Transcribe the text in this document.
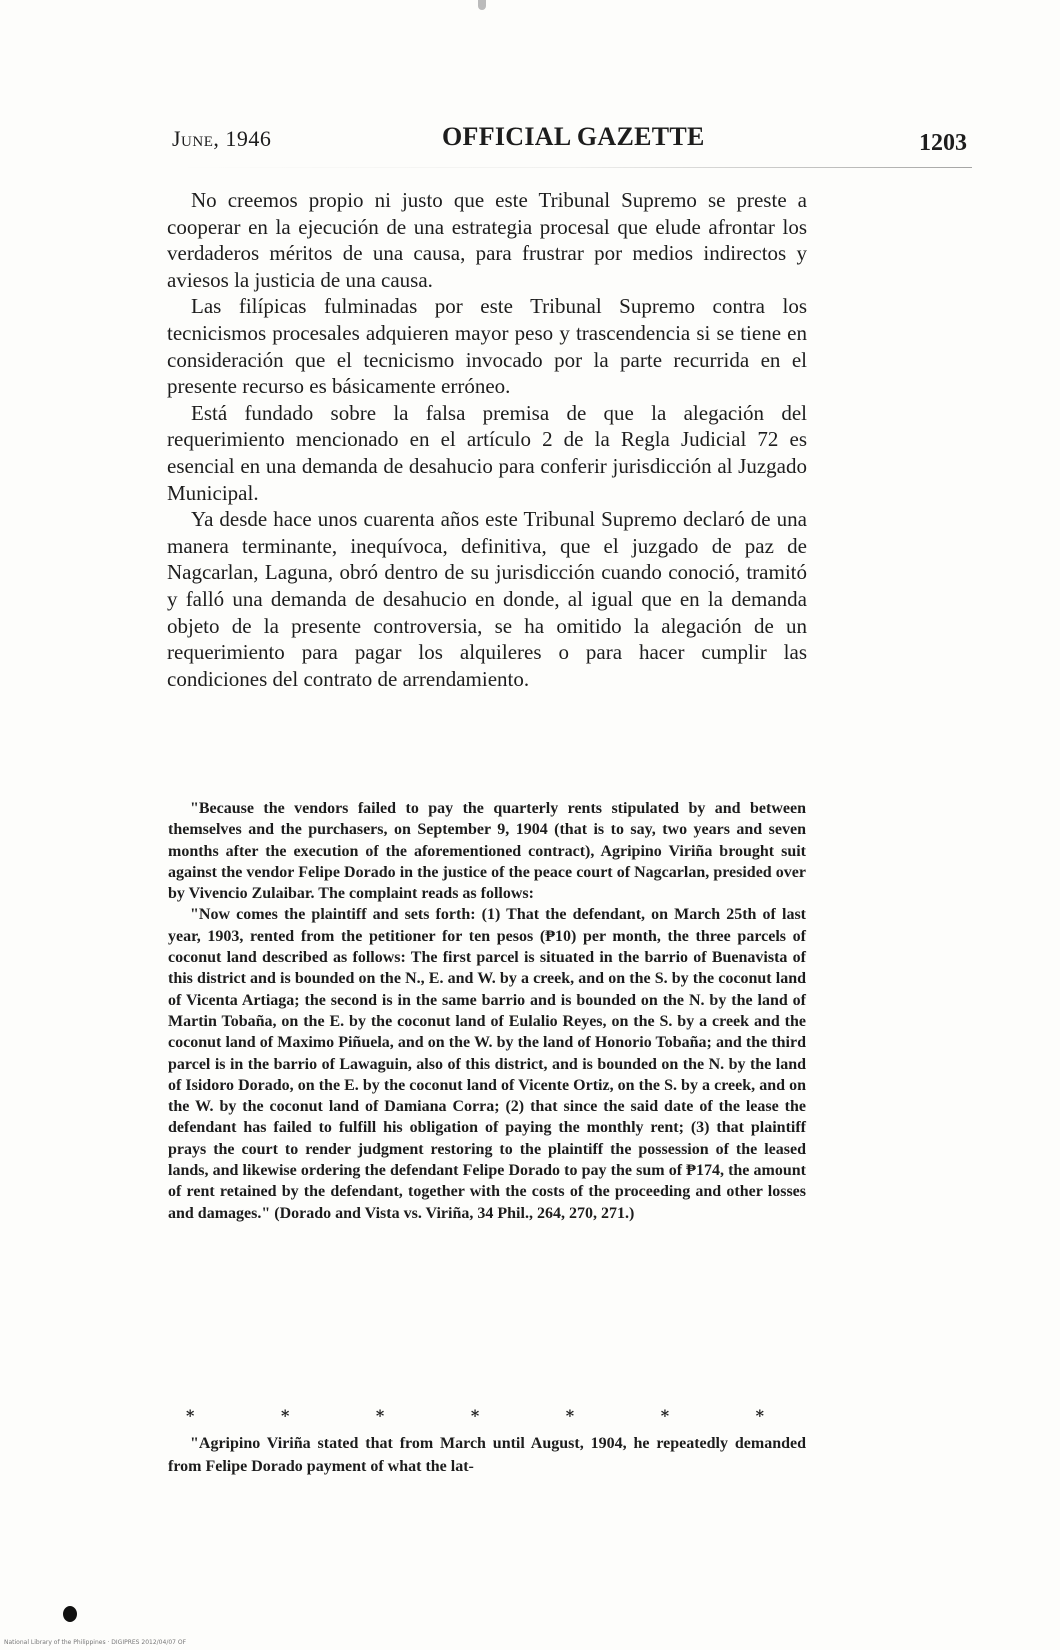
June, 1946	OFFICIAL GAZETTE	1203

No creemos propio ni justo que este Tribunal Supremo se preste a cooperar en la ejecución de una estrategia procesal que elude afrontar los verdaderos méritos de una causa, para frustrar por medios indirectos y aviesos la justicia de una causa.

Las filípicas fulminadas por este Tribunal Supremo contra los tecnicismos procesales adquieren mayor peso y trascendencia si se tiene en consideración que el tecnicismo invocado por la parte recurrida en el presente recurso es básicamente erróneo.

Está fundado sobre la falsa premisa de que la alegación del requerimiento mencionado en el artículo 2 de la Regla Judicial 72 es esencial en una demanda de desahucio para conferir jurisdicción al Juzgado Municipal.

Ya desde hace unos cuarenta años este Tribunal Supremo declaró de una manera terminante, inequívoca, definitiva, que el juzgado de paz de Nagcarlan, Laguna, obró dentro de su jurisdicción cuando conoció, tramitó y falló una demanda de desahucio en donde, al igual que en la demanda objeto de la presente controversia, se ha omitido la alegación de un requerimiento para pagar los alquileres o para hacer cumplir las condiciones del contrato de arrendamiento.

"Because the vendors failed to pay the quarterly rents stipulated by and between themselves and the purchasers, on September 9, 1904 (that is to say, two years and seven months after the execution of the aforementioned contract), Agripino Viriña brought suit against the vendor Felipe Dorado in the justice of the peace court of Nagcarlan, presided over by Vivencio Zulaibar. The complaint reads as follows:

"Now comes the plaintiff and sets forth: (1) That the defendant, on March 25th of last year, 1903, rented from the petitioner for ten pesos (₱10) per month, the three parcels of coconut land described as follows: The first parcel is situated in the barrio of Buenavista of this district and is bounded on the N., E. and W. by a creek, and on the S. by the coconut land of Vicenta Artiaga; the second is in the same barrio and is bounded on the N. by the land of Martin Tobaña, on the E. by the coconut land of Eulalio Reyes, on the S. by a creek and the coconut land of Maximo Piñuela, and on the W. by the land of Honorio Tobaña; and the third parcel is in the barrio of Lawaguin, also of this district, and is bounded on the N. by the land of Isidoro Dorado, on the E. by the coconut land of Vicente Ortiz, on the S. by a creek, and on the W. by the coconut land of Damiana Corra; (2) that since the said date of the lease the defendant has failed to fulfill his obligation of paying the monthly rent; (3) that plaintiff prays the court to render judgment restoring to the plaintiff the possession of the leased lands, and likewise ordering the defendant Felipe Dorado to pay the sum of ₱174, the amount of rent retained by the defendant, together with the costs of the proceeding and other losses and damages." (Dorado and Vista vs. Viriña, 34 Phil., 264, 270, 271.)

*	*	*	*	*	*	*

"Agripino Viriña stated that from March until August, 1904, he repeatedly demanded from Felipe Dorado payment of what the lat-

National Library of the Philippines · DIGIPRES 2012/04/07 OF
